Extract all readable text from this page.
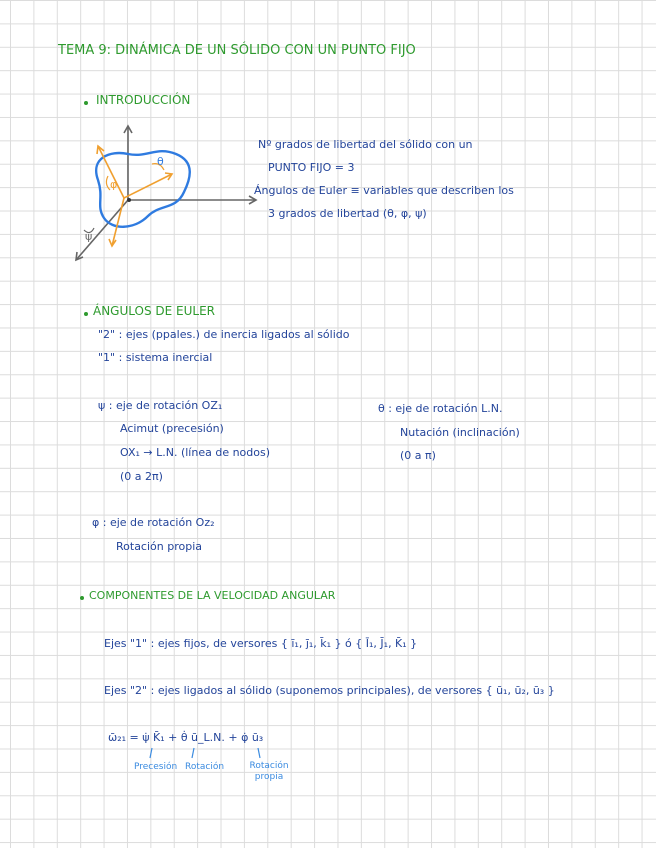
TEMA 9: DINÁMICA DE UN SÓLIDO CON UN PUNTO FIJO
INTRODUCCIÓN
θ
φ
ψ
Nº grados de libertad del sólido con un
PUNTO FIJO = 3
Ángulos de Euler ≡ variables que describen los
3 grados de libertad (θ, φ, ψ)
ÁNGULOS DE EULER
"2" : ejes (ppales.) de inercia ligados al sólido
"1" : sistema inercial
ψ : eje de rotación OZ₁
Acimut (precesión)
OX₁ → L.N. (línea de nodos)
(0 a 2π)
θ : eje de rotación L.N.
Nutación (inclinación)
(0 a π)
φ : eje de rotación Oz₂
Rotación propia
COMPONENTES DE LA VELOCIDAD ANGULAR
Ejes "1" : ejes fijos, de versores { ī₁, j̄₁, k̄₁ } ó { Ī₁, J̄₁, K̄₁ }
Ejes "2" : ejes ligados al sólido (suponemos principales), de versores { ū₁, ū₂, ū₃ }
ω̄₂₁ = ψ̇ K̄₁ + θ̇ ū_L.N. + φ̇ ū₃
Precesión Rotación	Rotación propia
